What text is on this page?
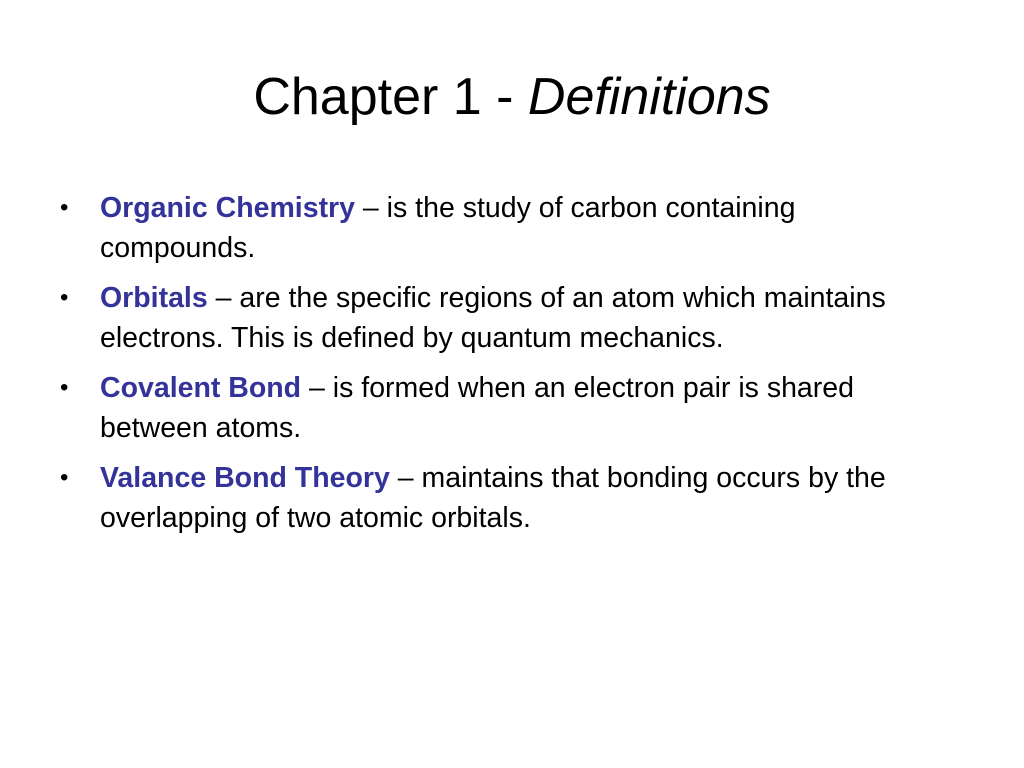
Chapter 1 - Definitions
• Organic Chemistry – is the study of carbon containing compounds.
• Orbitals – are the specific regions of an atom which maintains electrons. This is defined by quantum mechanics.
• Covalent Bond – is formed when an electron pair is shared between atoms.
• Valance Bond Theory – maintains that bonding occurs by the overlapping of two atomic orbitals.
